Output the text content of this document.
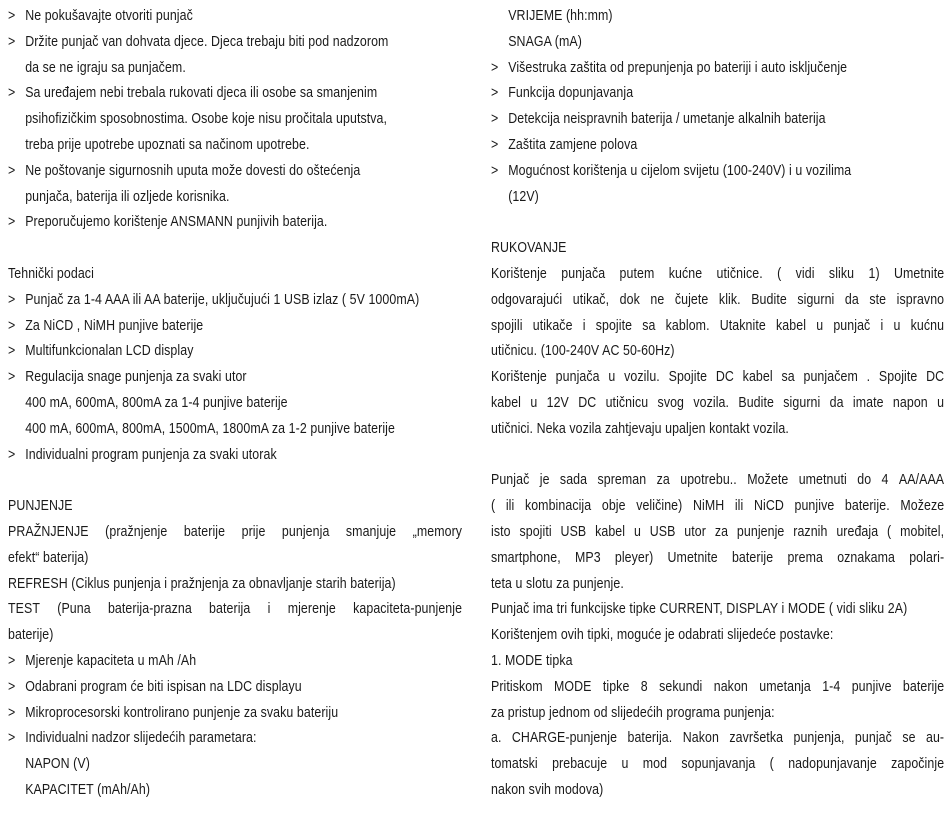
> Ne pokušavajte otvoriti punjač
> Držite punjač van dohvata djece. Djeca trebaju biti pod nadzorom
da se ne igraju sa punjačem.
> Sa uređajem nebi trebala rukovati djeca ili osobe sa smanjenim
psihofizičkim sposobnostima. Osobe koje nisu pročitala uputstva,
treba prije upotrebe upoznati sa načinom upotrebe.
> Ne poštovanje sigurnosnih uputa može dovesti do oštećenja
punjača, baterija ili ozljede korisnika.
> Preporučujemo korištenje ANSMANN punjivih baterija.
Tehnički podaci
> Punjač za 1-4 AAA ili AA baterije, uključujući 1 USB izlaz ( 5V 1000mA)
> Za NiCD , NiMH punjive baterije
> Multifunkcionalan LCD display
> Regulacija snage punjenja za svaki utor
400 mA, 600mA, 800mA za 1-4 punjive baterije
400 mA, 600mA, 800mA, 1500mA, 1800mA za 1-2 punjive baterije
> Individualni program punjenja za svaki utorak
PUNJENJE
PRAŽNJENJE (pražnjenje baterije prije punjenja smanjuje „memory
efekt“ baterija)
REFRESH (Ciklus punjenja i pražnjenja za obnavljanje starih baterija)
TEST (Puna baterija-prazna baterija i mjerenje kapaciteta-punjenje
baterije)
> Mjerenje kapaciteta u mAh /Ah
> Odabrani program će biti ispisan na LDC displayu
> Mikroprocesorski kontrolirano punjenje za svaku bateriju
> Individualni nadzor slijedećih parametara:
NAPON (V)
KAPACITET (mAh/Ah)
VRIJEME (hh:mm)
SNAGA (mA)
> Višestruka zaštita od prepunjenja po bateriji i auto isključenje
> Funkcija dopunjavanja
> Detekcija neispravnih baterija / umetanje alkalnih baterija
> Zaštita zamjene polova
> Mogućnost korištenja u cijelom svijetu (100-240V) i u vozilima
(12V)
RUKOVANJE
Korištenje punjača putem kućne utičnice. ( vidi sliku 1) Umetnite
odgovarajući utikač, dok ne čujete klik. Budite sigurni da ste ispravno
spojili utikače i spojite sa kablom. Utaknite kabel u punjač i u kućnu
utičnicu. (100-240V AC 50-60Hz)
Korištenje punjača u vozilu. Spojite DC kabel sa punjačem . Spojite DC
kabel u 12V DC utičnicu svog vozila. Budite sigurni da imate napon u
utičnici. Neka vozila zahtjevaju upaljen kontakt vozila.
Punjač je sada spreman za upotrebu.. Možete umetnuti do 4 AA/AAA
( ili kombinacija obje veličine) NiMH ili NiCD punjive baterije. Možeze
isto spojiti USB kabel u USB utor za punjenje raznih uređaja ( mobitel,
smartphone, MP3 pleyer) Umetnite baterije prema oznakama polari-
teta u slotu za punjenje.
Punjač ima tri funkcijske tipke CURRENT, DISPLAY i MODE ( vidi sliku 2A)
Korištenjem ovih tipki, moguće je odabrati slijedeće postavke:
1. MODE tipka
Pritiskom MODE tipke 8 sekundi nakon umetanja 1-4 punjive baterije
za pristup jednom od slijedećih programa punjenja:
a. CHARGE-punjenje baterija. Nakon završetka punjenja, punjač se au-
tomatski prebacuje u mod sopunjavanja ( nadopunjavanje započinje
nakon svih modova)
